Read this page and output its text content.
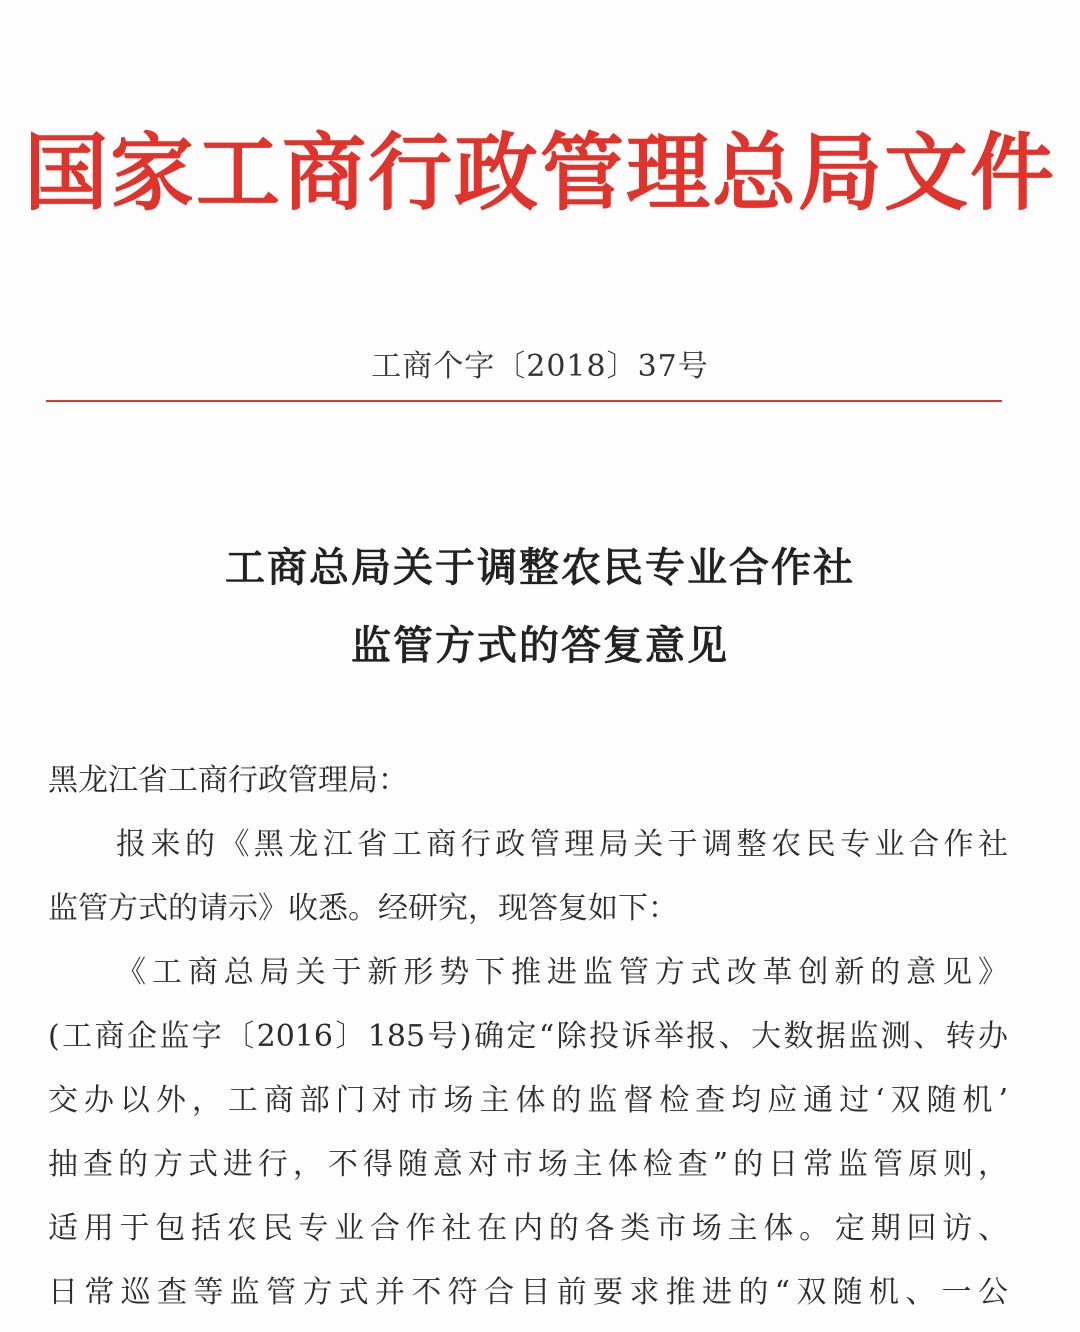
国家工商行政管理总局文件
工商个字〔2018〕37号
工商总局关于调整农民专业合作社
监管方式的答复意见
黑龙江省工商行政管理局：
报来的《黑龙江省工商行政管理局关于调整农民专业合作社
监管方式的请示》收悉。经研究，现答复如下：
《工商总局关于新形势下推进监管方式改革创新的意见》
(工商企监字〔2016〕185号)确定“除投诉举报、大数据监测、转办
交办以外，工商部门对市场主体的监督检查均应通过‘双随机’
抽查的方式进行，不得随意对市场主体检查”的日常监管原则，
适用于包括农民专业合作社在内的各类市场主体。定期回访、
日常巡查等监管方式并不符合目前要求推进的“双随机、一公
